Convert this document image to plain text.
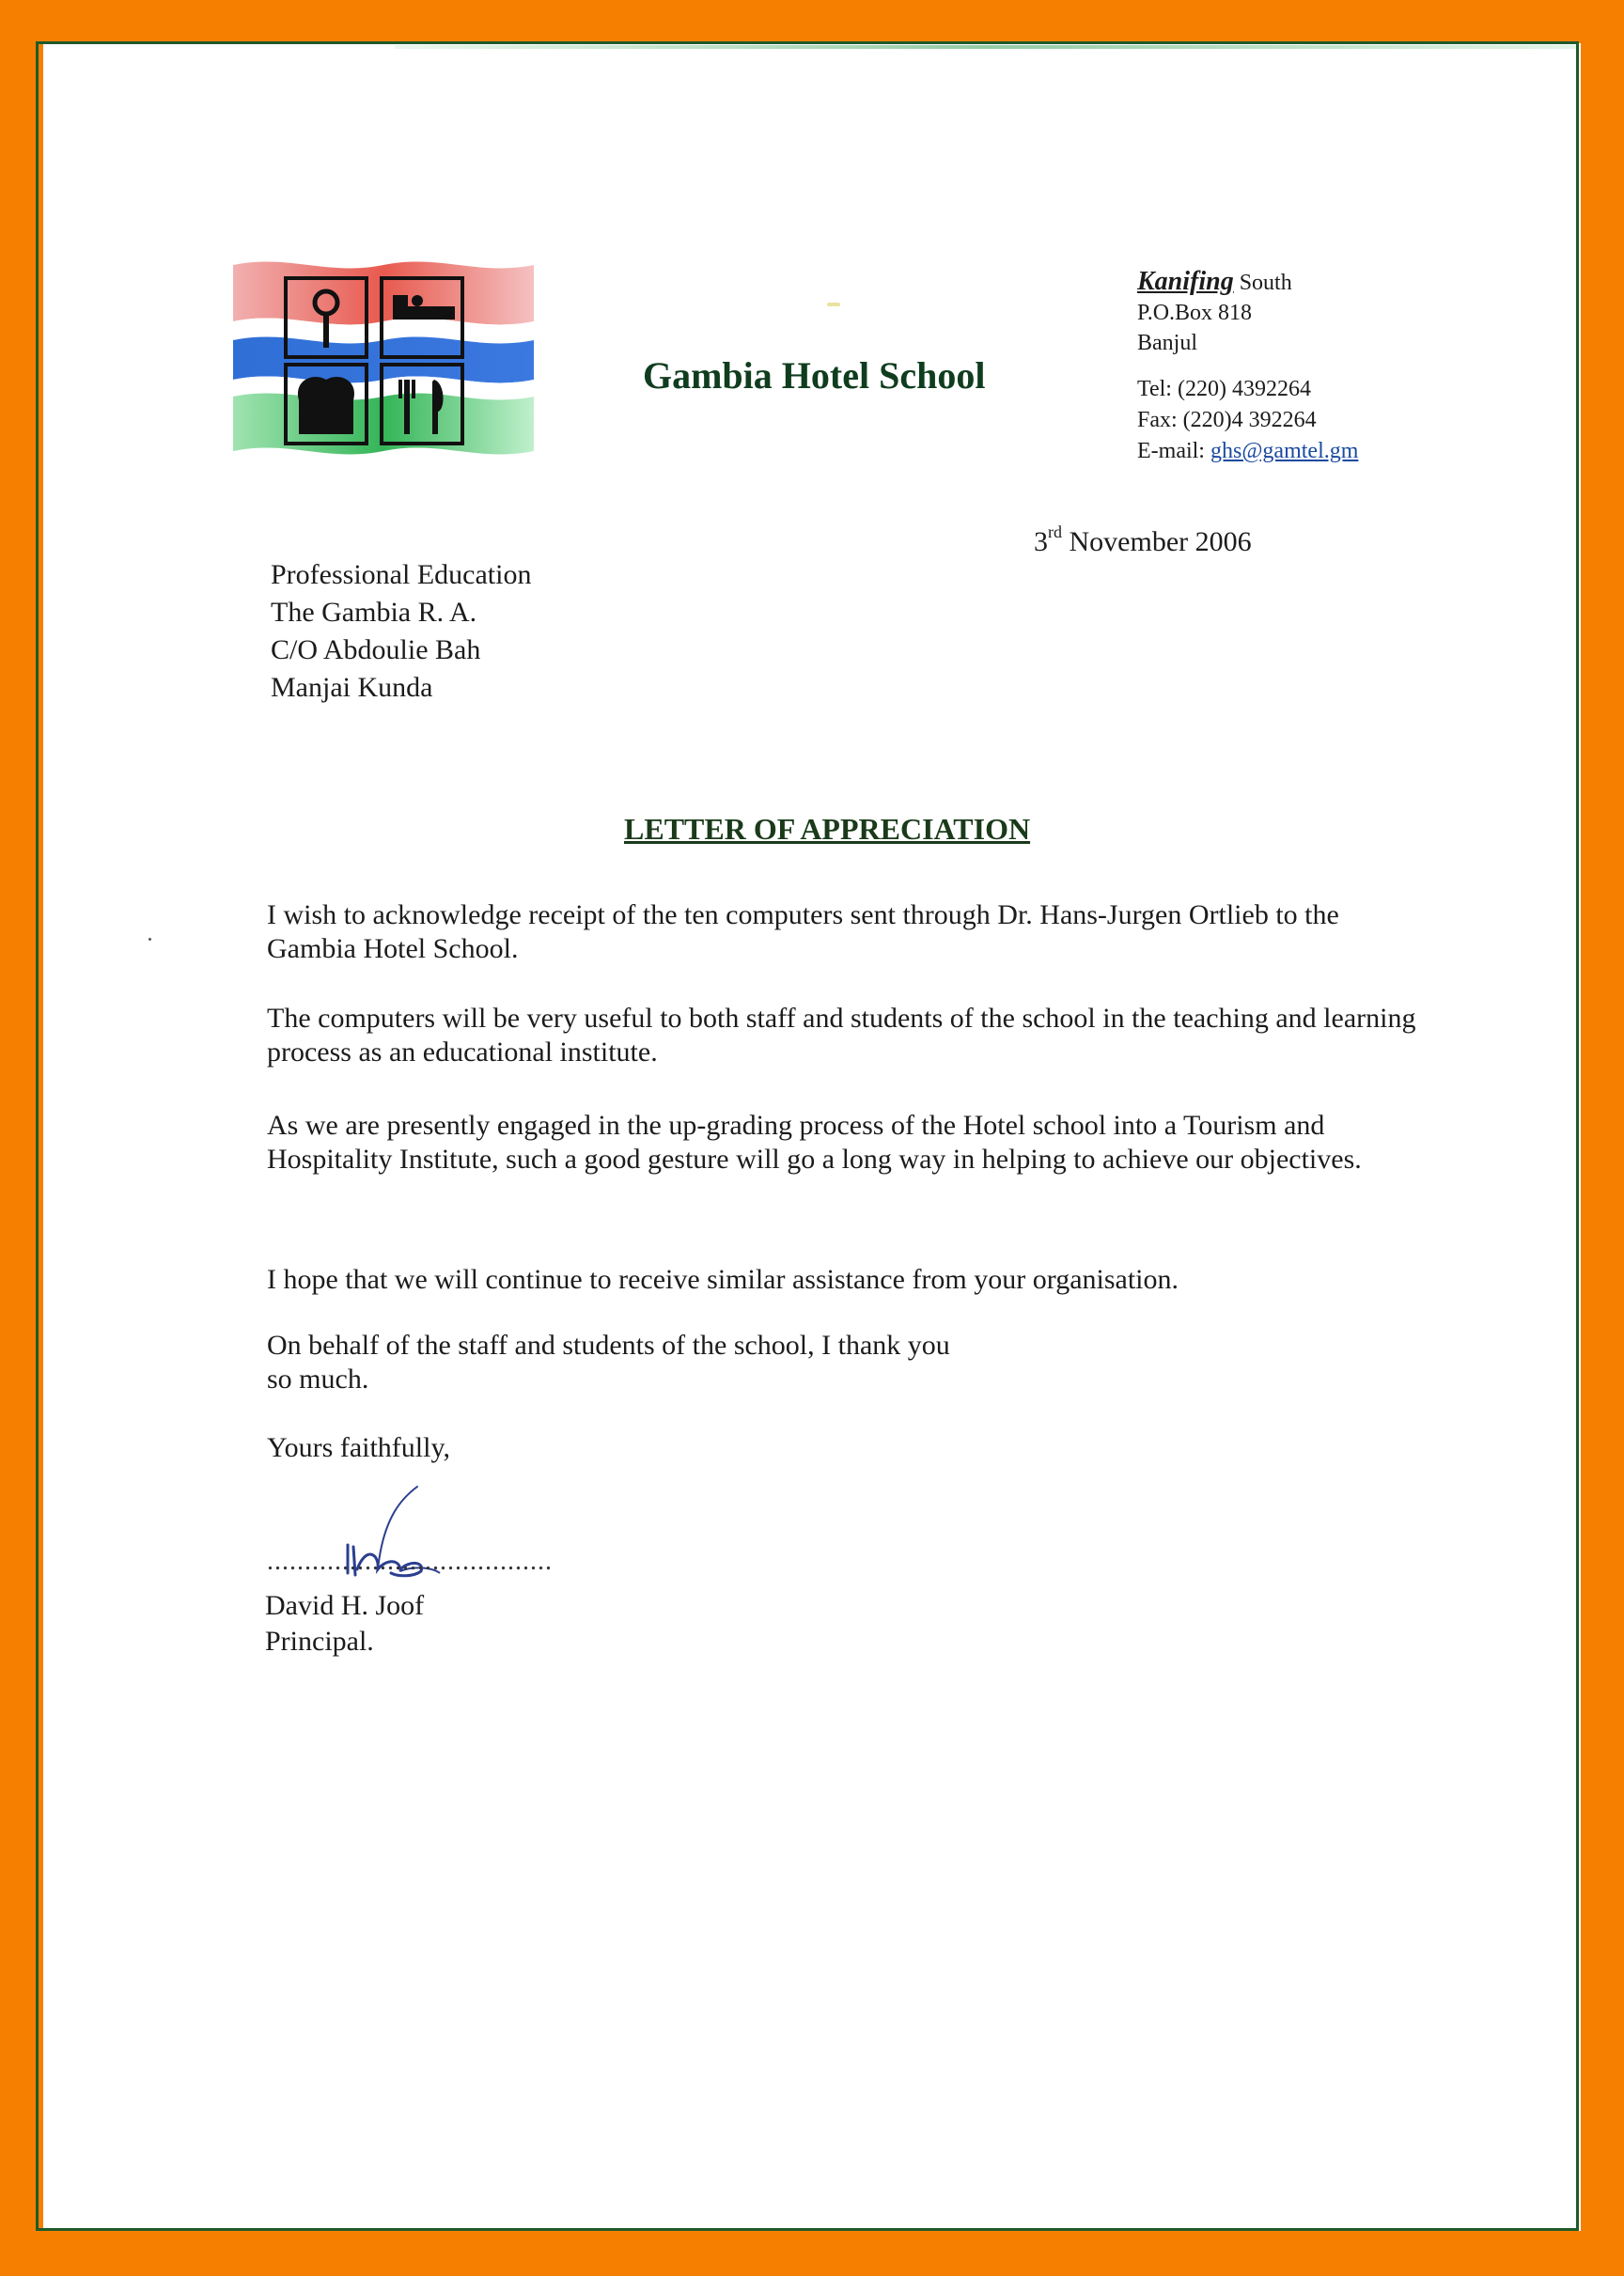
Gambia Hotel School
Kanifing South
P.O.Box 818
Banjul
Tel: (220) 4392264
Fax: (220)4 392264
E-mail: ghs@gamtel.gm
3rd November 2006
Professional Education
The Gambia R. A.
C/O Abdoulie Bah
Manjai Kunda
LETTER OF APPRECIATION
I wish to acknowledge receipt of the ten computers sent through Dr. Hans-Jurgen Ortlieb to the Gambia Hotel School.
The computers will be very useful to both staff and students of the school in the teaching and learning process as an educational institute.
As we are presently engaged in the up-grading process of the Hotel school into a Tourism and Hospitality Institute, such a good gesture will go a long way in helping to achieve our objectives.
I hope that we will continue to receive similar assistance from your organisation.
On behalf of the staff and students of the school, I thank you so much.
Yours faithfully,
......................................
David H. Joof
Principal.
